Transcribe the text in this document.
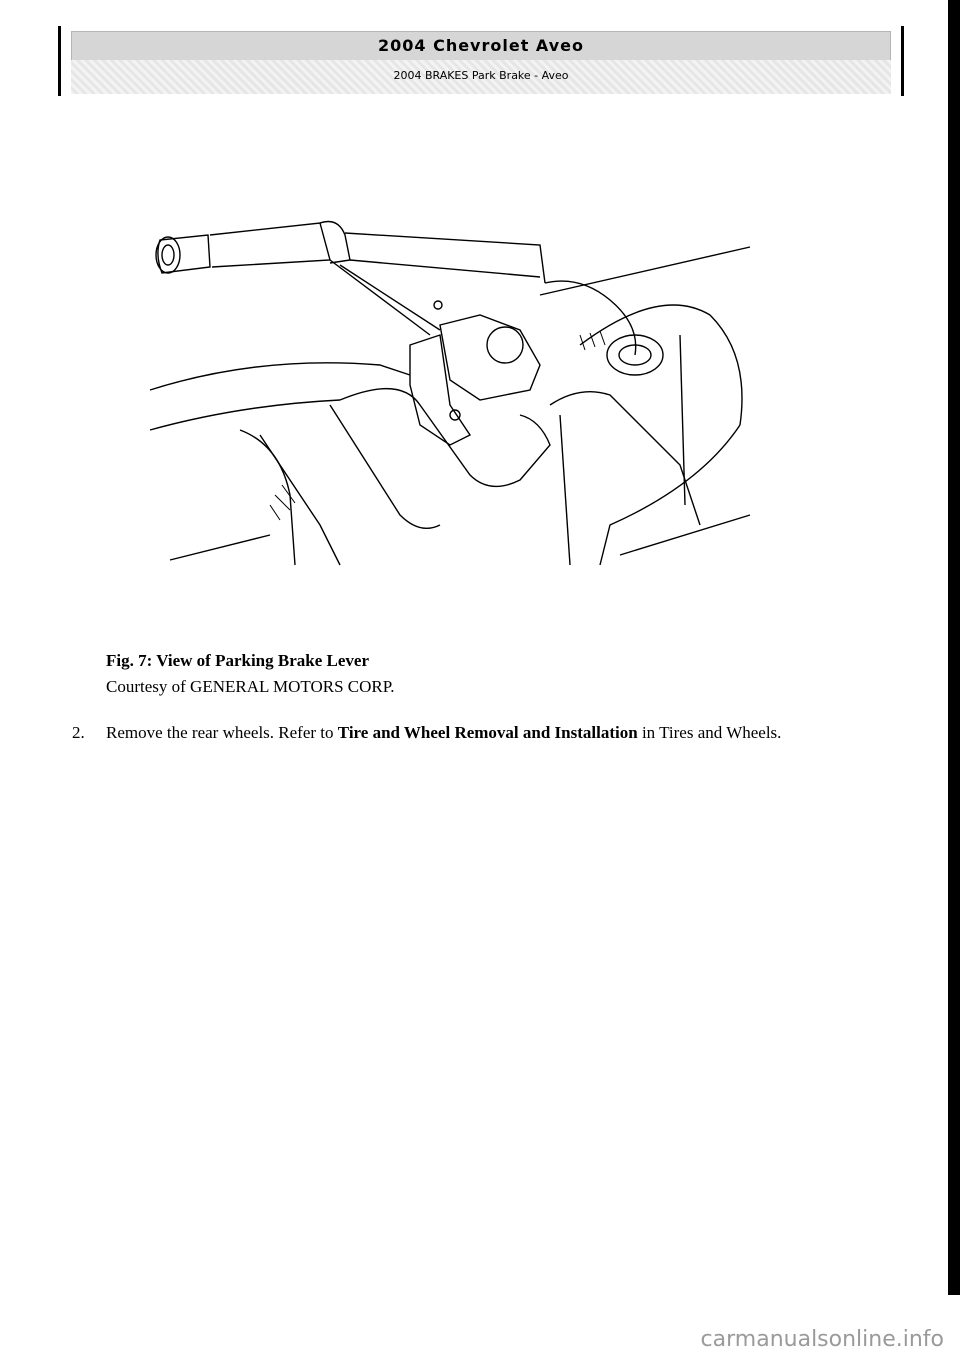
2004 Chevrolet Aveo
2004 BRAKES Park Brake - Aveo
Fig. 7: View of Parking Brake Lever
Courtesy of GENERAL MOTORS CORP.
2. Remove the rear wheels. Refer to Tire and Wheel Removal and Installation in Tires and Wheels.
carmanualsonline.info
